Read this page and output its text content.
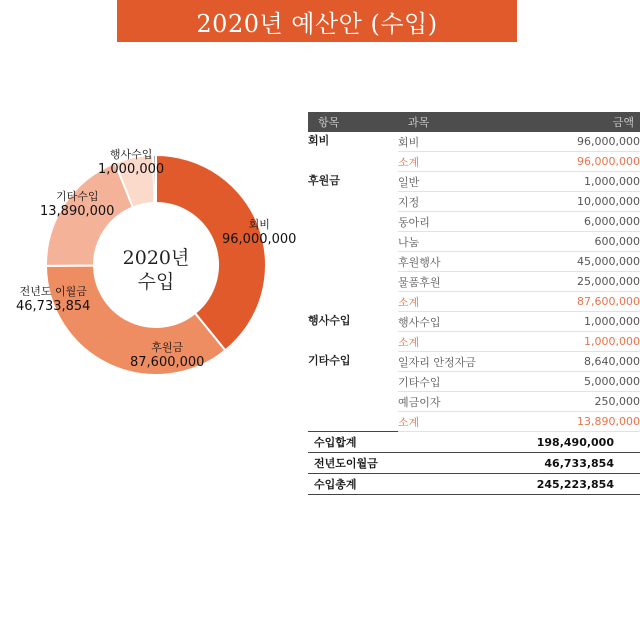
2020년 예산안 (수입)
2020년
수입
회비
96,000,000
후원금
87,600,000
전년도 이월금
46,733,854
기타수입
13,890,000
행사수입
1,000,000
항목	과목	금액
회비	회비	96,000,000
	소계	96,000,000
후원금	일반	1,000,000
	지정	10,000,000
	동아리	6,000,000
	나눔	600,000
	후원행사	45,000,000
	물품후원	25,000,000
	소계	87,600,000
행사수입	행사수입	1,000,000
	소계	1,000,000
기타수입	일자리 안정자금	8,640,000
	기타수입	5,000,000
	예금이자	250,000
	소계	13,890,000
수입합계		198,490,000
전년도이월금		46,733,854
수입총계		245,223,854
